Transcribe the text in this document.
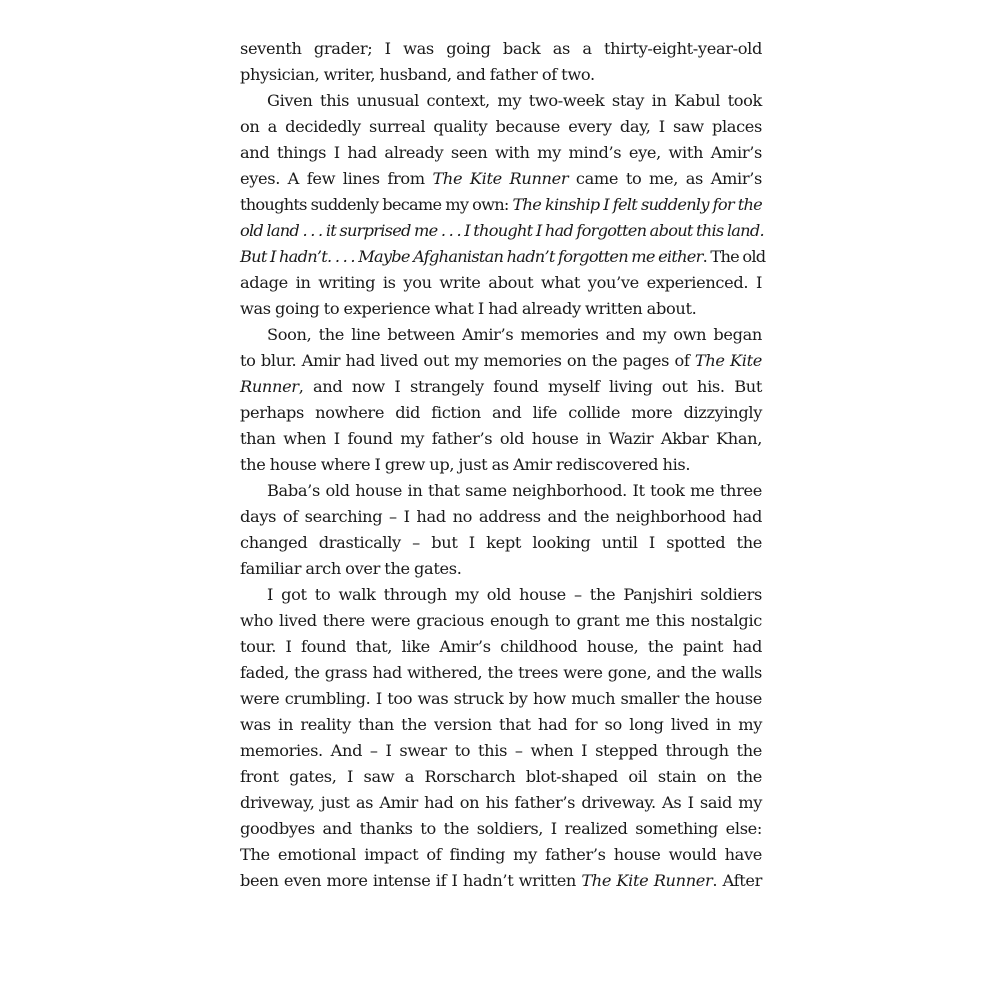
seventh grader; I was going back as a thirty-eight-year-old
physician, writer, husband, and father of two.
Given this unusual context, my two-week stay in Kabul took
on a decidedly surreal quality because every day, I saw places
and things I had already seen with my mind’s eye, with Amir’s
eyes. A few lines from The Kite Runner came to me, as Amir’s
thoughts suddenly became my own: The kinship I felt suddenly for the
old land . . . it surprised me . . . I thought I had forgotten about this land.
But I hadn’t. . . . Maybe Afghanistan hadn’t forgotten me either. The old
adage in writing is you write about what you’ve experienced. I
was going to experience what I had already written about.
Soon, the line between Amir’s memories and my own began
to blur. Amir had lived out my memories on the pages of The Kite
Runner, and now I strangely found myself living out his. But
perhaps nowhere did fiction and life collide more dizzyingly
than when I found my father’s old house in Wazir Akbar Khan,
the house where I grew up, just as Amir rediscovered his.
Baba’s old house in that same neighborhood. It took me three
days of searching – I had no address and the neighborhood had
changed drastically – but I kept looking until I spotted the
familiar arch over the gates.
I got to walk through my old house – the Panjshiri soldiers
who lived there were gracious enough to grant me this nostalgic
tour. I found that, like Amir’s childhood house, the paint had
faded, the grass had withered, the trees were gone, and the walls
were crumbling. I too was struck by how much smaller the house
was in reality than the version that had for so long lived in my
memories. And – I swear to this – when I stepped through the
front gates, I saw a Rorscharch blot-shaped oil stain on the
driveway, just as Amir had on his father’s driveway. As I said my
goodbyes and thanks to the soldiers, I realized something else:
The emotional impact of finding my father’s house would have
been even more intense if I hadn’t written The Kite Runner. After
